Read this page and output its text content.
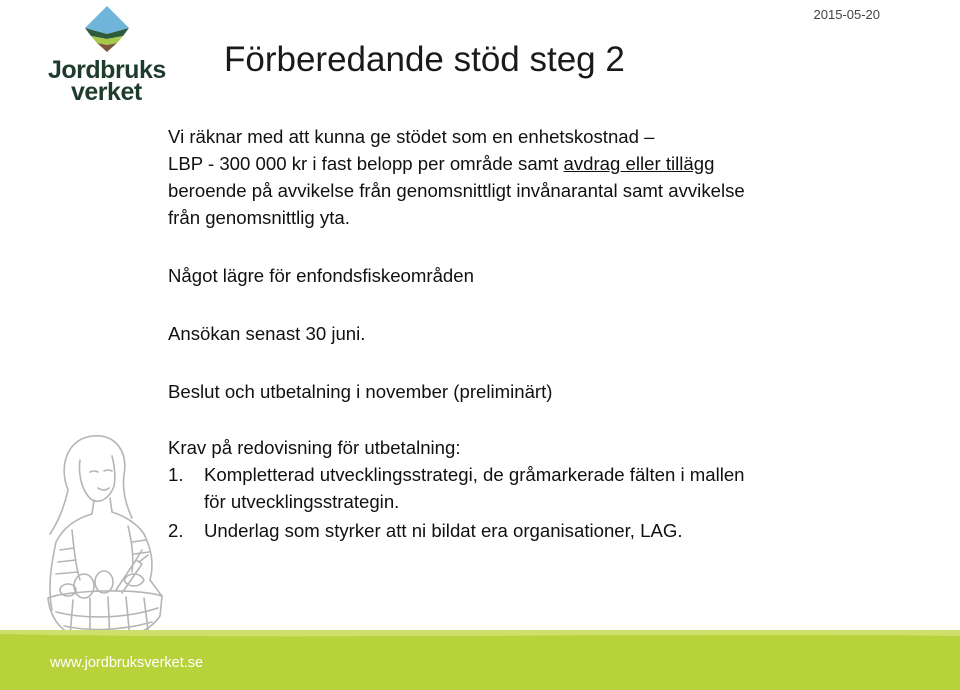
Jordbruks
verket
2015-05-20
Förberedande stöd steg 2

Vi räknar med att kunna ge stödet som en enhetskostnad –

LBP - 300 000 kr i fast belopp per område samt avdrag eller tillägg

beroende på avvikelse från genomsnittligt invånarantal samt avvikelse

från genomsnittlig yta.

Något lägre för enfondsfiskeområden

Ansökan senast 30 juni.

Beslut och utbetalning i november (preliminärt)

Krav på redovisning för utbetalning:

1.	Kompletterad utvecklingsstrategi, de gråmarkerade fälten i mallen
för utvecklingsstrategin.
2.	Underlag som styrker att ni bildat era organisationer, LAG.
www.jordbruksverket.se
